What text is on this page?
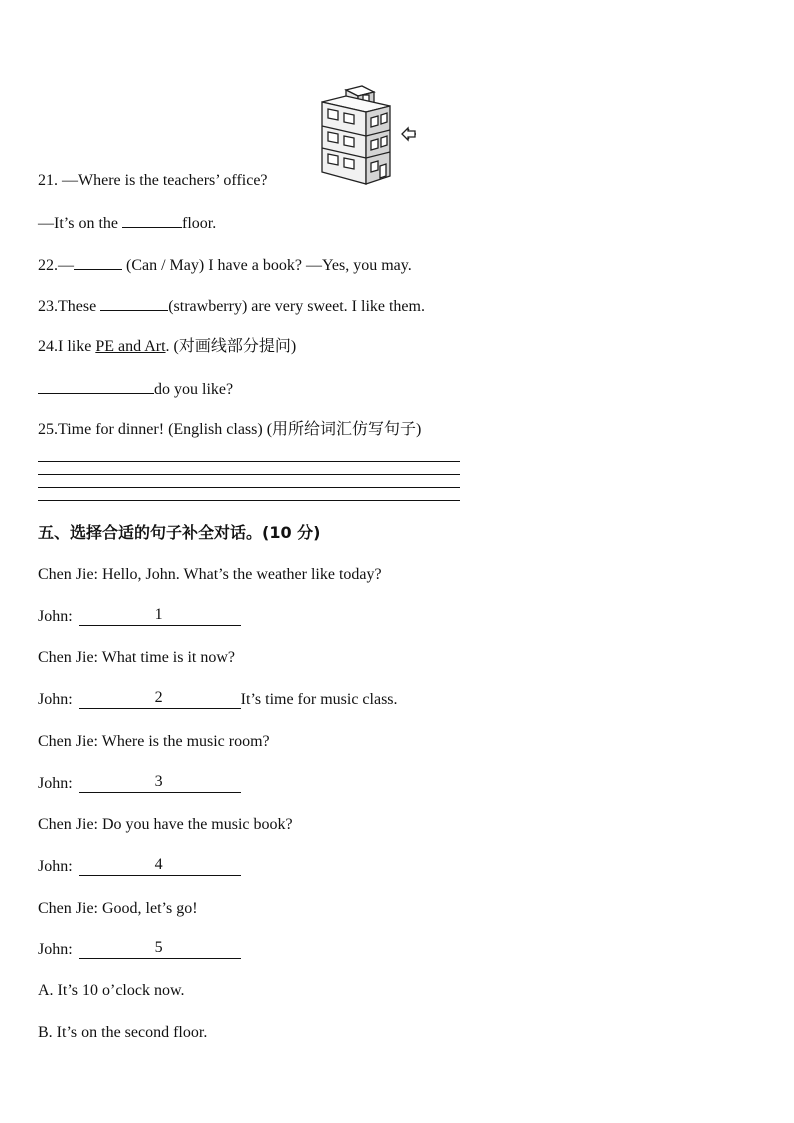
21. —Where is the teachers’ office?
—It’s on the	floor.
22.—	(Can / May) I have a book? —Yes, you may.
23.These	(strawberry) are very sweet. I like them.
24.I like PE and Art. (对画线部分提问)
do you like?
25.Time for dinner! (English class) (用所给词汇仿写句子)
五、选择合适的句子补全对话。(10 分)
Chen Jie: Hello, John. What’s the weather like today?
John:	1
Chen Jie: What time is it now?
John:	2	It’s time for music class.
Chen Jie: Where is the music room?
John:	3
Chen Jie: Do you have the music book?
John:	4
Chen Jie: Good, let’s go!
John:	5
A. It’s 10 o’clock now.
B. It’s on the second floor.
